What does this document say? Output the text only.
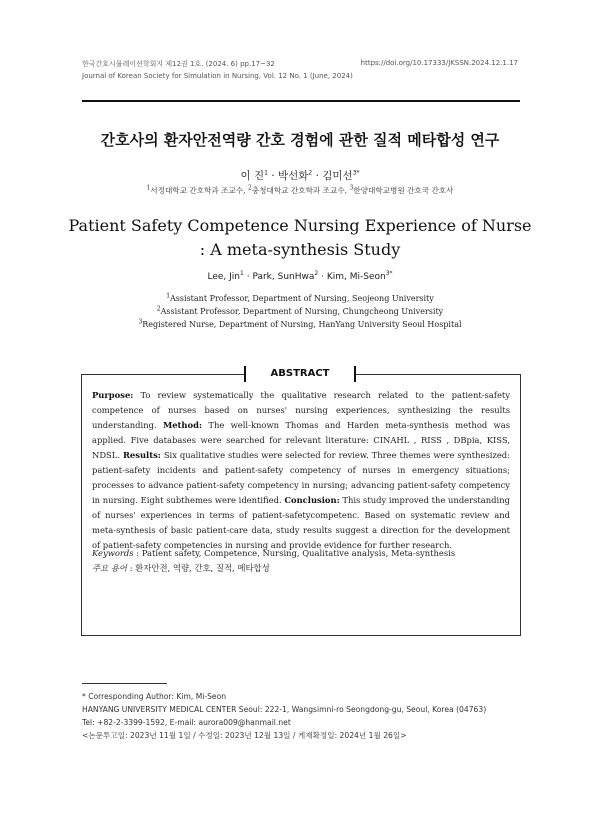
한국간호시뮬레이션학회지 제12권 1호. (2024. 6) pp.17~32
Journal of Korean Society for Simulation in Nursing, Vol. 12 No. 1 (June, 2024)
https://doi.org/10.17333/JKSSN.2024.12.1.17
간호사의 환자안전역량 간호 경험에 관한 질적 메타합성 연구
이 진$^1$ · 박선화$^2$ · 김미선$^{3*}$
$^1$서정대학교 간호학과 조교수, $^2$충청대학교 간호학과 조교수, $^3$한양대학교병원 간호국 간호사
Patient Safety Competence Nursing Experience of Nurse
: A meta-synthesis Study
Lee, Jin$^1$ · Park, SunHwa$^2$ · Kim, Mi-Seon$^{3*}$
$^1$Assistant Professor, Department of Nursing, Seojeong University
$^2$Assistant Professor, Department of Nursing, Chungcheong University
$^3$Registered Nurse, Department of Nursing, HanYang University Seoul Hospital
ABSTRACT
Purpose: To review systematically the qualitative research related to the patient-safety competence of nurses based on nurses' nursing experiences, synthesizing the results understanding. Method: The well-known Thomas and Harden meta-synthesis method was applied. Five databases were searched for relevant literature: CINAHL , RISS , DBpia, KISS, NDSL. Results: Six qualitative studies were selected for review. Three themes were synthesized: patient-safety incidents and patient-safety competency of nurses in emergency situations; processes to advance patient-safety competency in nursing; advancing patient-safety competency in nursing. Eight subthemes were identified. Conclusion: This study improved the understanding of nurses' experiences in terms of patient-safetycompetenc. Based on systematic review and meta-synthesis of basic patient-care data, study results suggest a direction for the development of patient-safety competencies in nursing and provide evidence for further research.
Keywords : Patient safety, Competence, Nursing, Qualitative analysis, Meta-synthesis
주요 용어 : 환자안전, 역량, 간호, 질적, 메타합성
* Corresponding Author: Kim, Mi-Seon
HANYANG UNIVERSITY MEDICAL CENTER Seoul: 222-1, Wangsimni-ro Seongdong-gu, Seoul, Korea (04763)
Tel: +82-2-3399-1592, E-mail: aurora009@hanmail.net
<논문투고일: 2023년 11월 1일 / 수정일: 2023년 12월 13일 / 게재확정일: 2024년 1월 26일>
